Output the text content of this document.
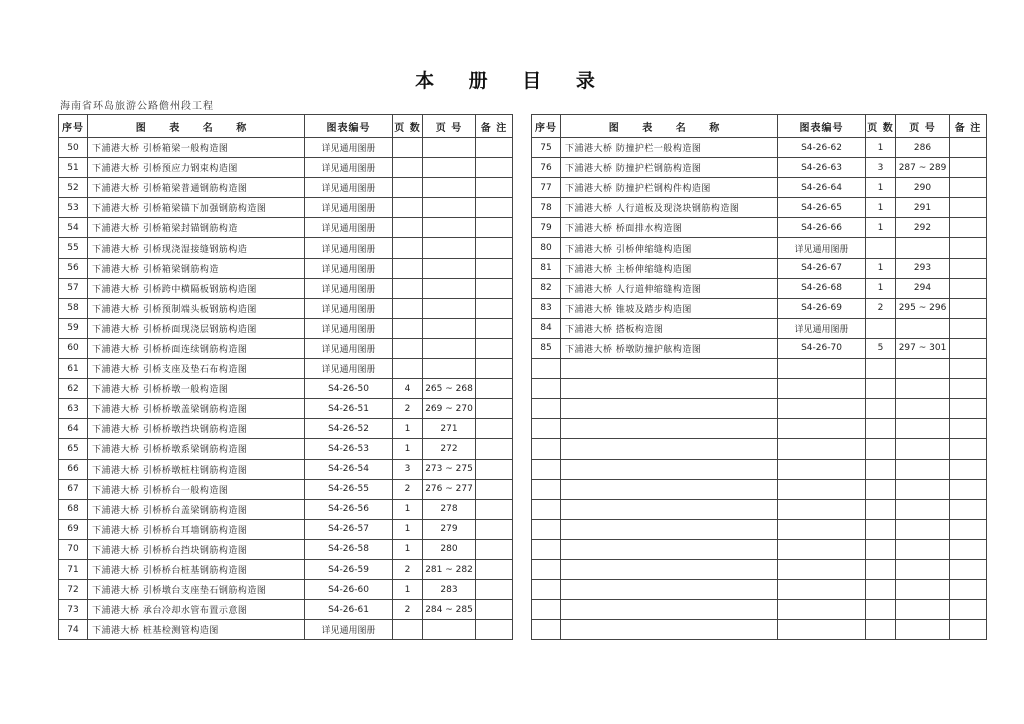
本 册 目 录
海南省环岛旅游公路儋州段工程
序号	图 表 名 称	图表编号	页 数	页 号	备 注
50	下浦港大桥 引桥箱梁一般构造图	详见通用图册			
51	下浦港大桥 引桥预应力钢束构造图	详见通用图册			
52	下浦港大桥 引桥箱梁普通钢筋构造图	详见通用图册			
53	下浦港大桥 引桥箱梁锚下加强钢筋构造图	详见通用图册			
54	下浦港大桥 引桥箱梁封锚钢筋构造	详见通用图册			
55	下浦港大桥 引桥现浇湿接缝钢筋构造	详见通用图册			
56	下浦港大桥 引桥箱梁钢筋构造	详见通用图册			
57	下浦港大桥 引桥跨中横隔板钢筋构造图	详见通用图册			
58	下浦港大桥 引桥预制端头板钢筋构造图	详见通用图册			
59	下浦港大桥 引桥桥面现浇层钢筋构造图	详见通用图册			
60	下浦港大桥 引桥桥面连续钢筋构造图	详见通用图册			
61	下浦港大桥 引桥支座及垫石布构造图	详见通用图册			
62	下浦港大桥 引桥桥墩一般构造图	S4-26-50	4	265 ~ 268	
63	下浦港大桥 引桥桥墩盖梁钢筋构造图	S4-26-51	2	269 ~ 270	
64	下浦港大桥 引桥桥墩挡块钢筋构造图	S4-26-52	1	271	
65	下浦港大桥 引桥桥墩系梁钢筋构造图	S4-26-53	1	272	
66	下浦港大桥 引桥桥墩桩柱钢筋构造图	S4-26-54	3	273 ~ 275	
67	下浦港大桥 引桥桥台一般构造图	S4-26-55	2	276 ~ 277	
68	下浦港大桥 引桥桥台盖梁钢筋构造图	S4-26-56	1	278	
69	下浦港大桥 引桥桥台耳墙钢筋构造图	S4-26-57	1	279	
70	下浦港大桥 引桥桥台挡块钢筋构造图	S4-26-58	1	280	
71	下浦港大桥 引桥桥台桩基钢筋构造图	S4-26-59	2	281 ~ 282	
72	下浦港大桥 引桥墩台支座垫石钢筋构造图	S4-26-60	1	283	
73	下浦港大桥 承台冷却水管布置示意图	S4-26-61	2	284 ~ 285	
74	下浦港大桥 桩基检测管构造图	详见通用图册			
序号	图 表 名 称	图表编号	页 数	页 号	备 注
75	下浦港大桥 防撞护栏一般构造图	S4-26-62	1	286	
76	下浦港大桥 防撞护栏钢筋构造图	S4-26-63	3	287 ~ 289	
77	下浦港大桥 防撞护栏钢构件构造图	S4-26-64	1	290	
78	下浦港大桥 人行道板及现浇块钢筋构造图	S4-26-65	1	291	
79	下浦港大桥 桥面排水构造图	S4-26-66	1	292	
80	下浦港大桥 引桥伸缩缝构造图	详见通用图册			
81	下浦港大桥 主桥伸缩缝构造图	S4-26-67	1	293	
82	下浦港大桥 人行道伸缩缝构造图	S4-26-68	1	294	
83	下浦港大桥 锥坡及踏步构造图	S4-26-69	2	295 ~ 296	
84	下浦港大桥 搭板构造图	详见通用图册			
85	下浦港大桥 桥墩防撞护舷构造图	S4-26-70	5	297 ~ 301	
